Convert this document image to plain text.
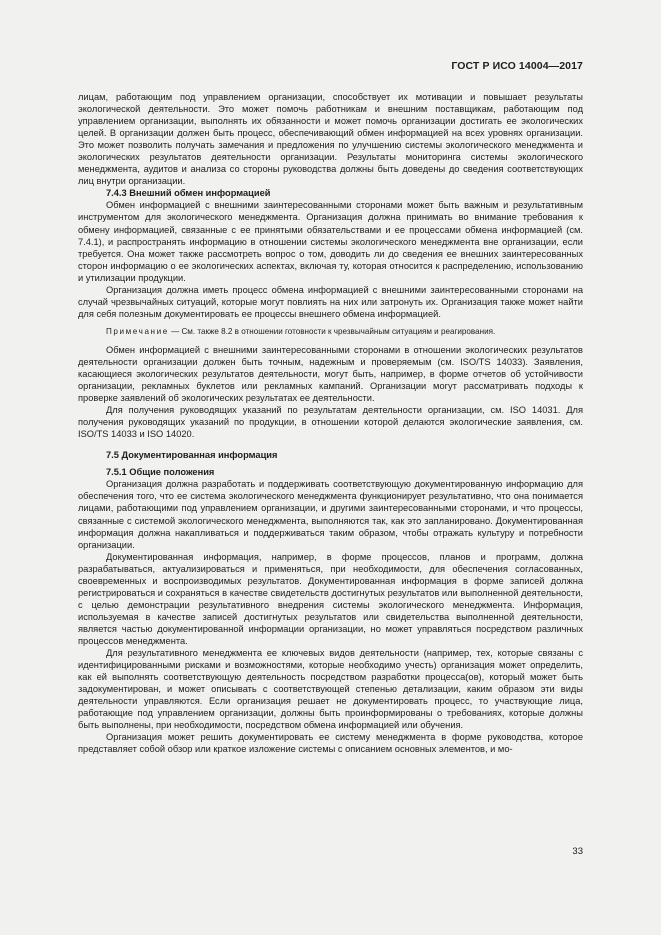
ГОСТ Р ИСО 14004—2017

лицам, работающим под управлением организации, способствует их мотивации и повышает результаты экологической деятельности. Это может помочь работникам и внешним поставщикам, работающим под управлением организации, выполнять их обязанности и может помочь организации достигать ее экологических целей. В организации должен быть процесс, обеспечивающий обмен информацией на всех уровнях организации. Это может позволить получать замечания и предложения по улучшению системы экологического менеджмента и экологических результатов деятельности организации. Результаты мониторинга системы экологического менеджмента, аудитов и анализа со стороны руководства должны быть доведены до сведения соответствующих лиц внутри организации.

7.4.3 Внешний обмен информацией

Обмен информацией с внешними заинтересованными сторонами может быть важным и результативным инструментом для экологического менеджмента. Организация должна принимать во внимание требования к обмену информацией, связанные с ее принятыми обязательствами и ее процессами обмена информацией (см. 7.4.1), и распространять информацию в отношении системы экологического менеджмента вне организации, если требуется. Она может также рассмотреть вопрос о том, доводить ли до сведения ее внешних заинтересованных сторон информацию о ее экологических аспектах, включая ту, которая относится к распределению, использованию и утилизации продукции.

Организация должна иметь процесс обмена информацией с внешними заинтересованными сторонами на случай чрезвычайных ситуаций, которые могут повлиять на них или затронуть их. Организация также может найти для себя полезным документировать ее процессы внешнего обмена информацией.

Примечание — См. также 8.2 в отношении готовности к чрезвычайным ситуациям и реагирования.

Обмен информацией с внешними заинтересованными сторонами в отношении экологических результатов деятельности организации должен быть точным, надежным и проверяемым (см. ISO/TS 14033). Заявления, касающиеся экологических результатов деятельности, могут быть, например, в форме отчетов об устойчивости организации, рекламных буклетов или рекламных кампаний. Организации могут рассматривать подходы к проверке заявлений об экологических результатах ее деятельности.

Для получения руководящих указаний по результатам деятельности организации, см. ISO 14031. Для получения руководящих указаний по продукции, в отношении которой делаются экологические заявления, см. ISO/TS 14033 и ISO 14020.

7.5 Документированная информация

7.5.1 Общие положения

Организация должна разработать и поддерживать соответствующую документированную информацию для обеспечения того, что ее система экологического менеджмента функционирует результативно, что она понимается лицами, работающими под управлением организации, и другими заинтересованными сторонами, и что процессы, связанные с системой экологического менеджмента, выполняются так, как это запланировано. Документированная информация должна накапливаться и поддерживаться таким образом, чтобы отражать культуру и потребности организации.

Документированная информация, например, в форме процессов, планов и программ, должна разрабатываться, актуализироваться и применяться, при необходимости, для обеспечения согласованных, своевременных и воспроизводимых результатов. Документированная информация в форме записей должна регистрироваться и сохраняться в качестве свидетельств достигнутых результатов или выполненной деятельности, с целью демонстрации результативного внедрения системы экологического менеджмента. Информация, используемая в качестве записей достигнутых результатов или свидетельства выполненной деятельности, является частью документированной информации организации, но может управляться посредством различных процессов менеджмента.

Для результативного менеджмента ее ключевых видов деятельности (например, тех, которые связаны с идентифицированными рисками и возможностями, которые необходимо учесть) организация может определить, как ей выполнять соответствующую деятельность посредством разработки процесса(ов), который может быть задокументирован, и может описывать с соответствующей степенью детализации, каким образом эти виды деятельности управляются. Если организация решает не документировать процесс, то участвующие лица, работающие под управлением организации, должны быть проинформированы о требованиях, которые должны быть выполнены, при необходимости, посредством обмена информацией или обучения.

Организация может решить документировать ее систему менеджмента в форме руководства, которое представляет собой обзор или краткое изложение системы с описанием основных элементов, и мо-

33
